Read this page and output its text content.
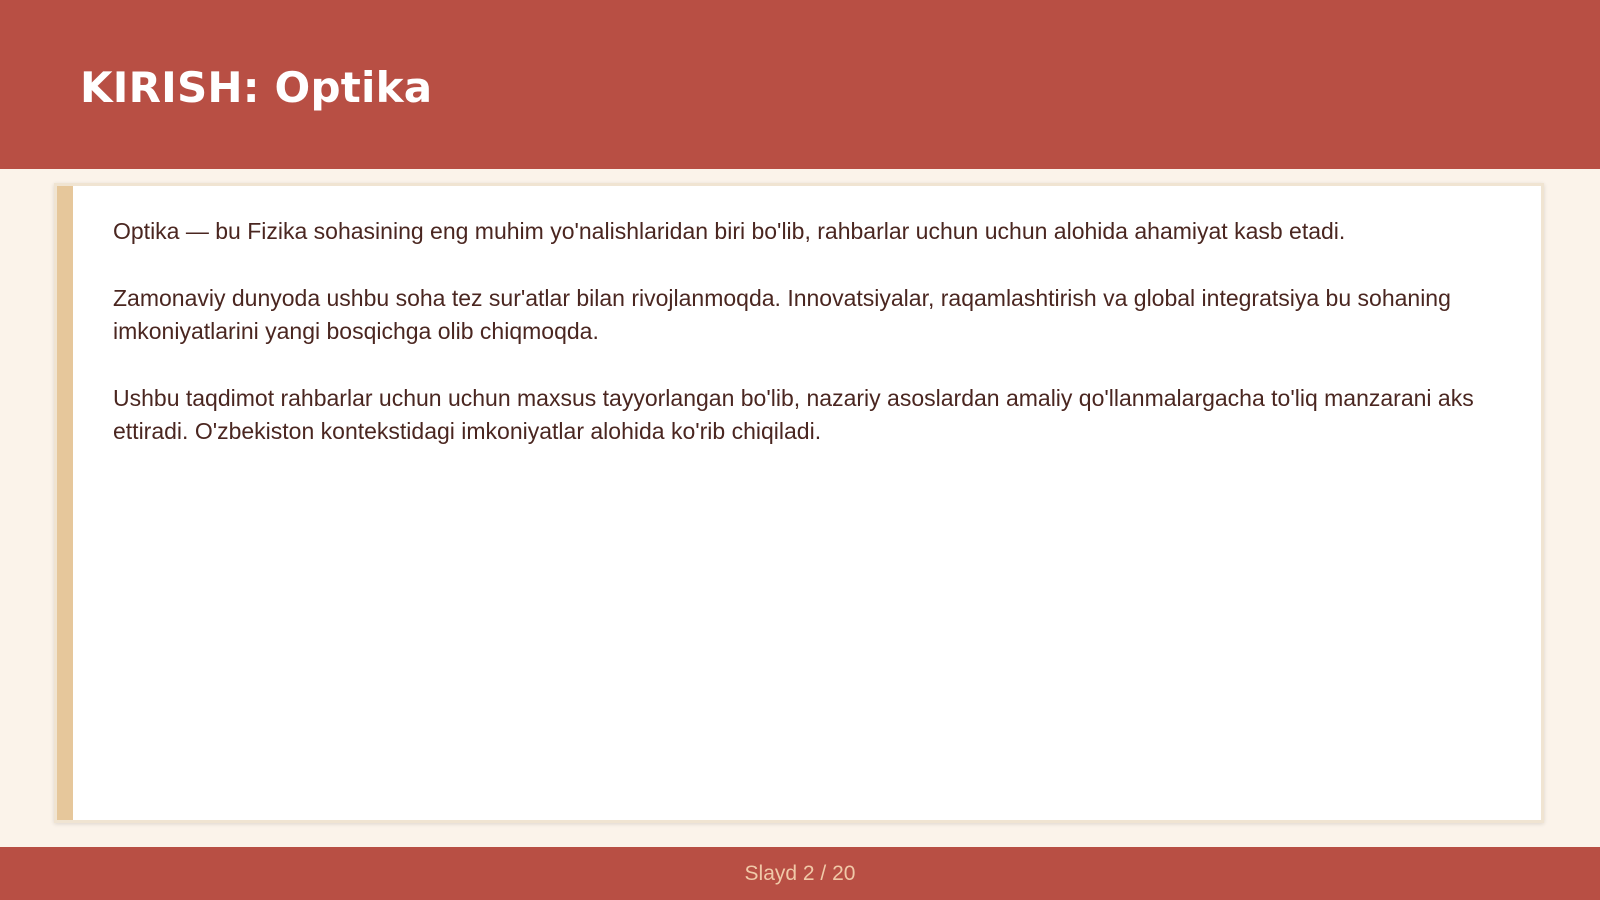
KIRISH: Optika

Optika — bu Fizika sohasining eng muhim yo'nalishlaridan biri bo'lib, rahbarlar uchun uchun alohida ahamiyat kasb etadi.

Zamonaviy dunyoda ushbu soha tez sur'atlar bilan rivojlanmoqda. Innovatsiyalar, raqamlashtirish va global integratsiya bu sohaning imkoniyatlarini yangi bosqichga olib chiqmoqda.

Ushbu taqdimot rahbarlar uchun uchun maxsus tayyorlangan bo'lib, nazariy asoslardan amaliy qo'llanmalargacha to'liq manzarani aks ettiradi. O'zbekiston kontekstidagi imkoniyatlar alohida ko'rib chiqiladi.

Slayd 2 / 20
